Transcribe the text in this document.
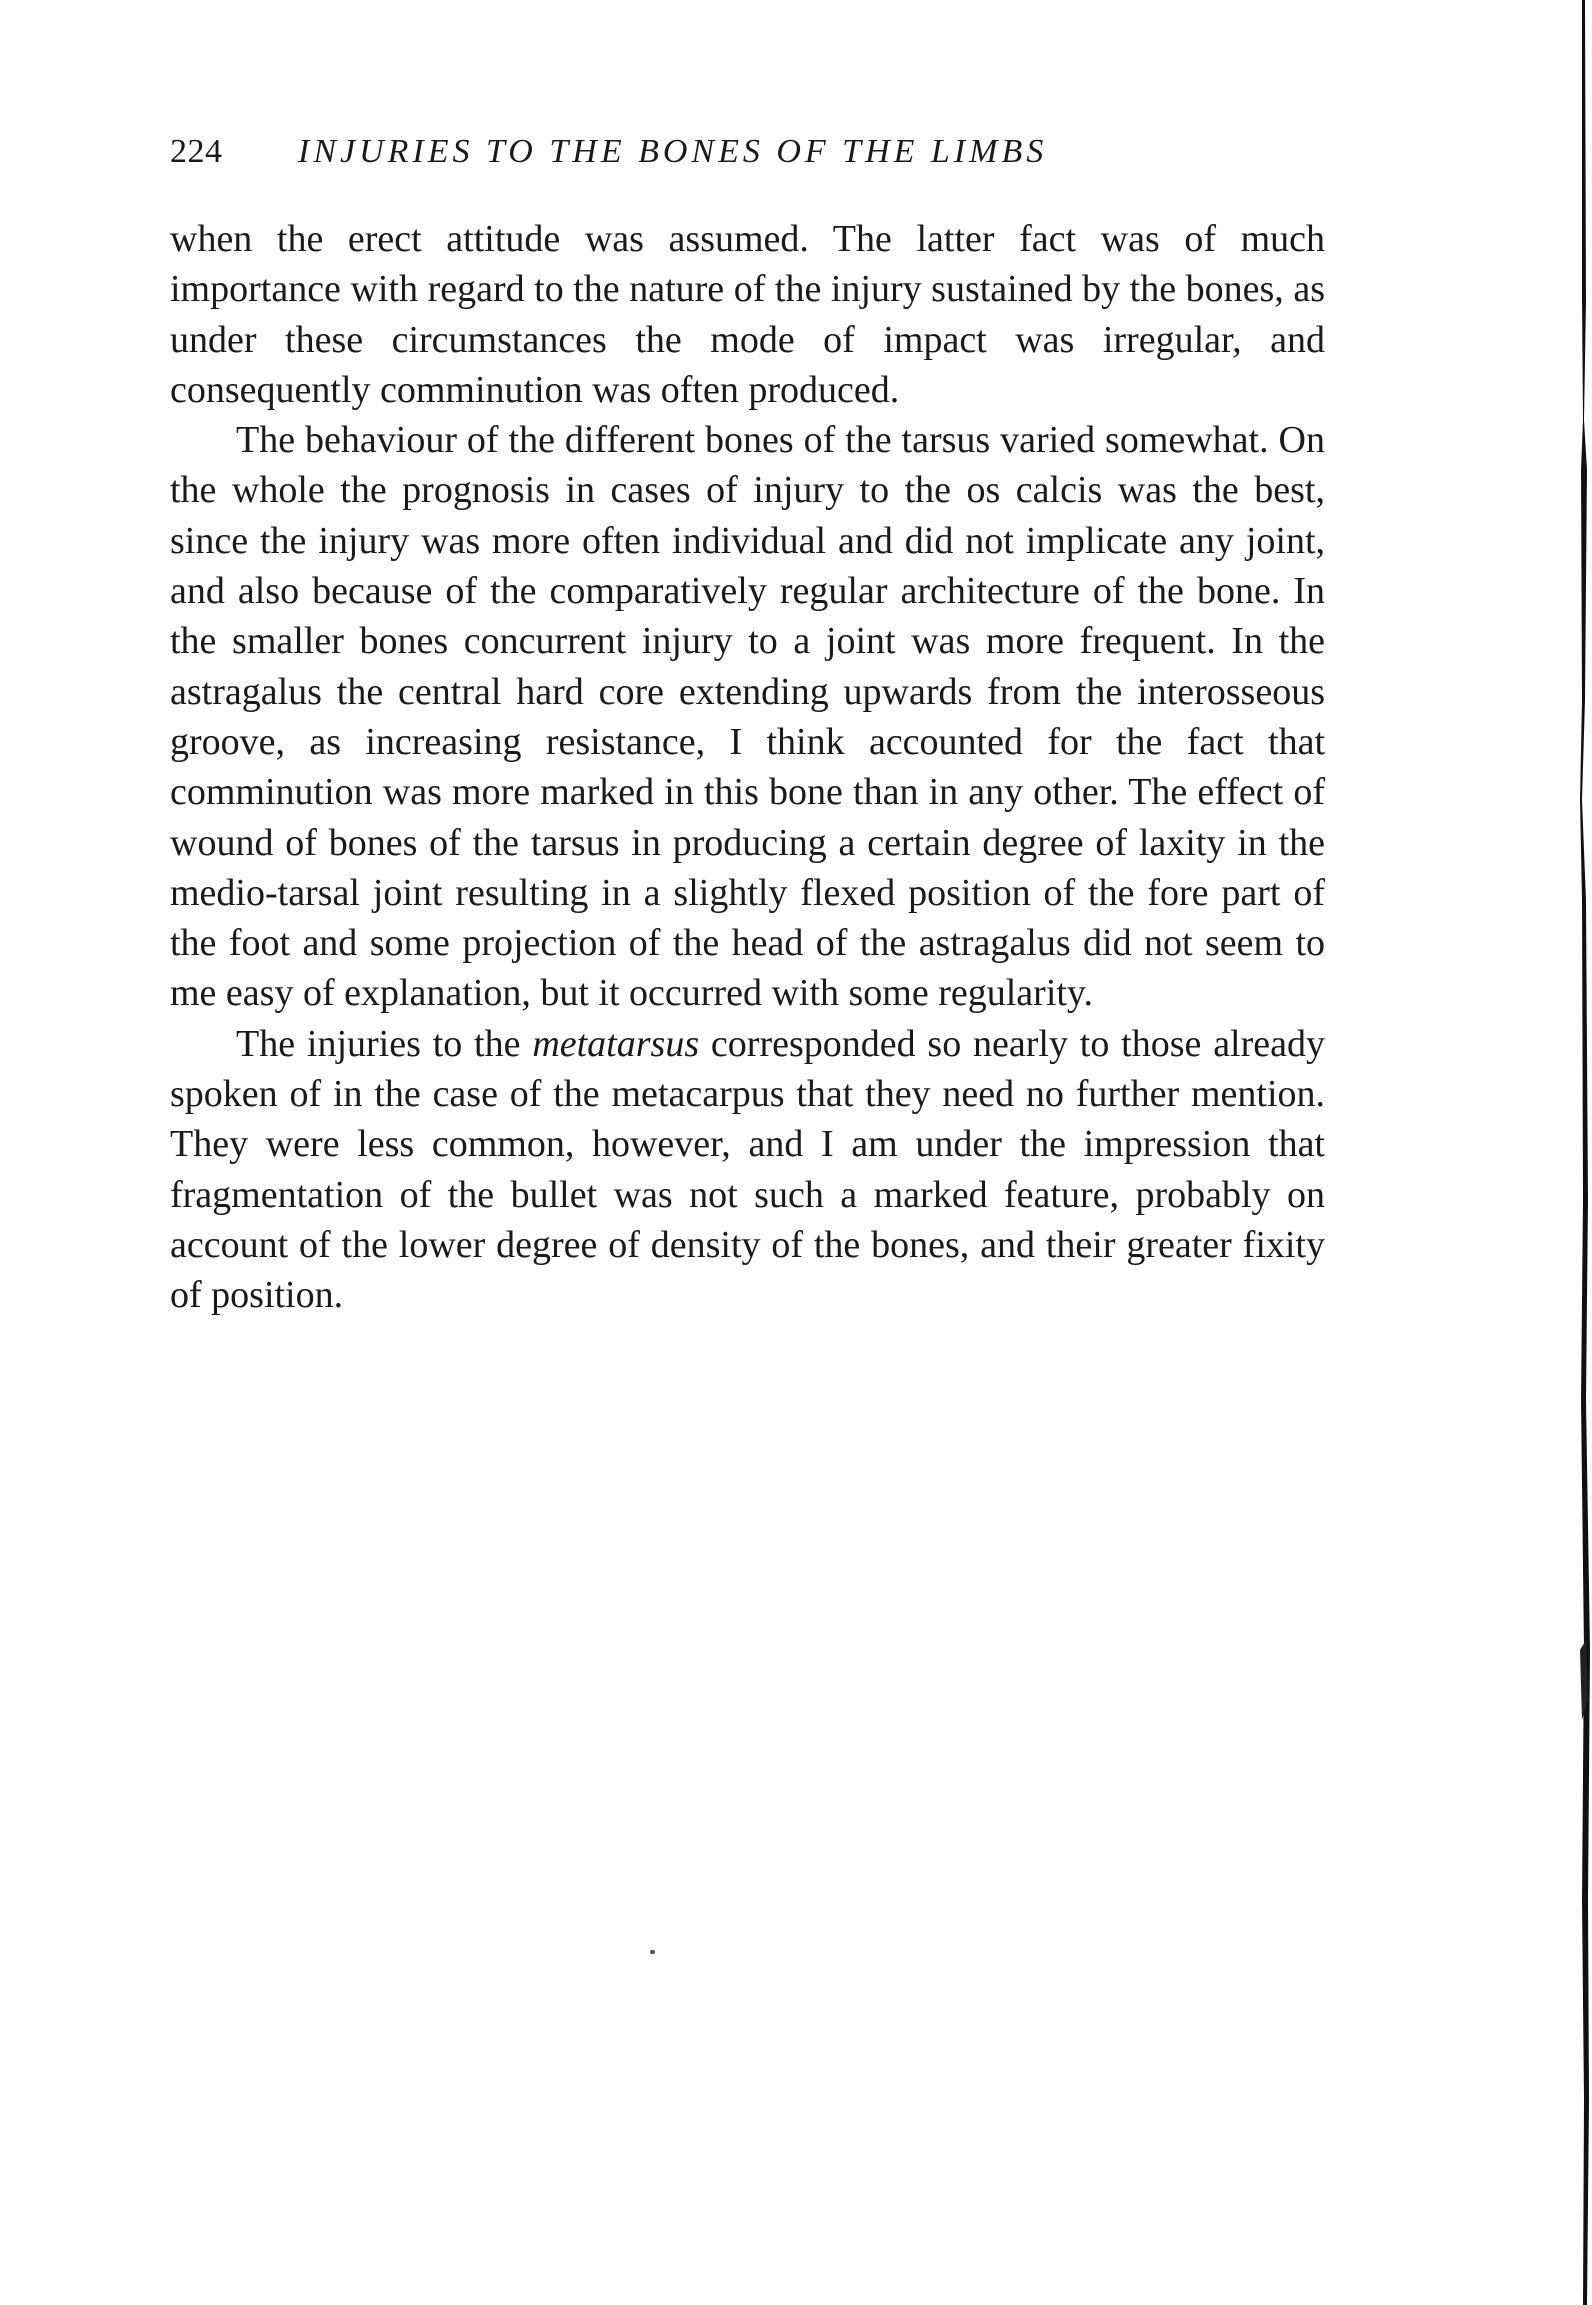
224 INJURIES TO THE BONES OF THE LIMBS

when the erect attitude was assumed. The latter fact was of much importance with regard to the nature of the injury sustained by the bones, as under these circumstances the mode of impact was irregular, and consequently comminution was often produced.

The behaviour of the different bones of the tarsus varied somewhat. On the whole the prognosis in cases of injury to the os calcis was the best, since the injury was more often individual and did not implicate any joint, and also because of the comparatively regular architecture of the bone. In the smaller bones concurrent injury to a joint was more frequent. In the astragalus the central hard core extending upwards from the interosseous groove, as increasing resistance, I think accounted for the fact that comminution was more marked in this bone than in any other. The effect of wound of bones of the tarsus in producing a certain degree of laxity in the medio-tarsal joint resulting in a slightly flexed position of the fore part of the foot and some projection of the head of the astragalus did not seem to me easy of explanation, but it occurred with some regularity.

The injuries to the metatarsus corresponded so nearly to those already spoken of in the case of the metacarpus that they need no further mention. They were less common, however, and I am under the impression that fragmentation of the bullet was not such a marked feature, probably on account of the lower degree of density of the bones, and their greater fixity of position.
